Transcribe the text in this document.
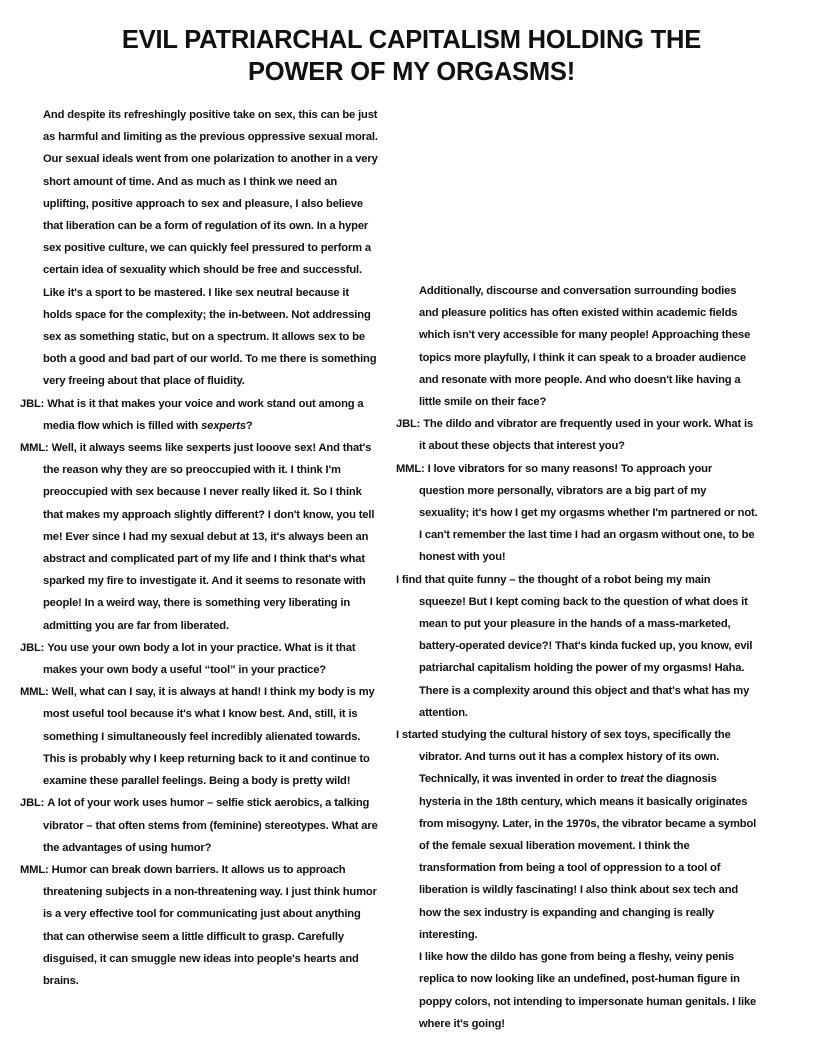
EVIL PATRIARCHAL CAPITALISM HOLDING THE
POWER OF MY ORGASMS!

And despite its refreshingly positive take on sex, this can be just as harmful and limiting as the previous oppressive sexual moral. Our sexual ideals went from one polarization to another in a very short amount of time. And as much as I think we need an uplifting, positive approach to sex and pleasure, I also believe that liberation can be a form of regulation of its own. In a hyper sex positive culture, we can quickly feel pressured to perform a certain idea of sexuality which should be free and successful. Like it's a sport to be mastered. I like sex neutral because it holds space for the complexity; the in-between. Not addressing sex as something static, but on a spectrum. It allows sex to be both a good and bad part of our world. To me there is something very freeing about that place of fluidity.

JBL: What is it that makes your voice and work stand out among a media flow which is filled with sexperts?

MML: Well, it always seems like sexperts just looove sex! And that's the reason why they are so preoccupied with it. I think I'm preoccupied with sex because I never really liked it. So I think that makes my approach slightly different? I don't know, you tell me! Ever since I had my sexual debut at 13, it's always been an abstract and complicated part of my life and I think that's what sparked my fire to investigate it. And it seems to resonate with people! In a weird way, there is something very liberating in admitting you are far from liberated.

JBL: You use your own body a lot in your practice. What is it that makes your own body a useful “tool” in your practice?

MML: Well, what can I say, it is always at hand! I think my body is my most useful tool because it's what I know best. And, still, it is something I simultaneously feel incredibly alienated towards. This is probably why I keep returning back to it and continue to examine these parallel feelings. Being a body is pretty wild!

JBL: A lot of your work uses humor – selfie stick aerobics, a talking vibrator – that often stems from (feminine) stereotypes. What are the advantages of using humor?

MML: Humor can break down barriers. It allows us to approach threatening subjects in a non-threatening way. I just think humor is a very effective tool for communicating just about anything that can otherwise seem a little difficult to grasp. Carefully disguised, it can smuggle new ideas into people's hearts and brains.

Additionally, discourse and conversation surrounding bodies and pleasure politics has often existed within academic fields which isn't very accessible for many people! Approaching these topics more playfully, I think it can speak to a broader audience and resonate with more people. And who doesn't like having a little smile on their face?

JBL: The dildo and vibrator are frequently used in your work. What is it about these objects that interest you?

MML: I love vibrators for so many reasons! To approach your question more personally, vibrators are a big part of my sexuality; it's how I get my orgasms whether I'm partnered or not. I can't remember the last time I had an orgasm without one, to be honest with you!

I find that quite funny – the thought of a robot being my main squeeze! But I kept coming back to the question of what does it mean to put your pleasure in the hands of a mass-marketed, battery-operated device?! That's kinda fucked up, you know, evil patriarchal capitalism holding the power of my orgasms! Haha. There is a complexity around this object and that's what has my attention.

I started studying the cultural history of sex toys, specifically the vibrator. And turns out it has a complex history of its own. Technically, it was invented in order to treat the diagnosis hysteria in the 18th century, which means it basically originates from misogyny. Later, in the 1970s, the vibrator became a symbol of the female sexual liberation movement. I think the transformation from being a tool of oppression to a tool of liberation is wildly fascinating! I also think about sex tech and how the sex industry is expanding and changing is really interesting.

I like how the dildo has gone from being a fleshy, veiny penis replica to now looking like an undefined, post-human figure in poppy colors, not intending to impersonate human genitals. I like where it's going!
